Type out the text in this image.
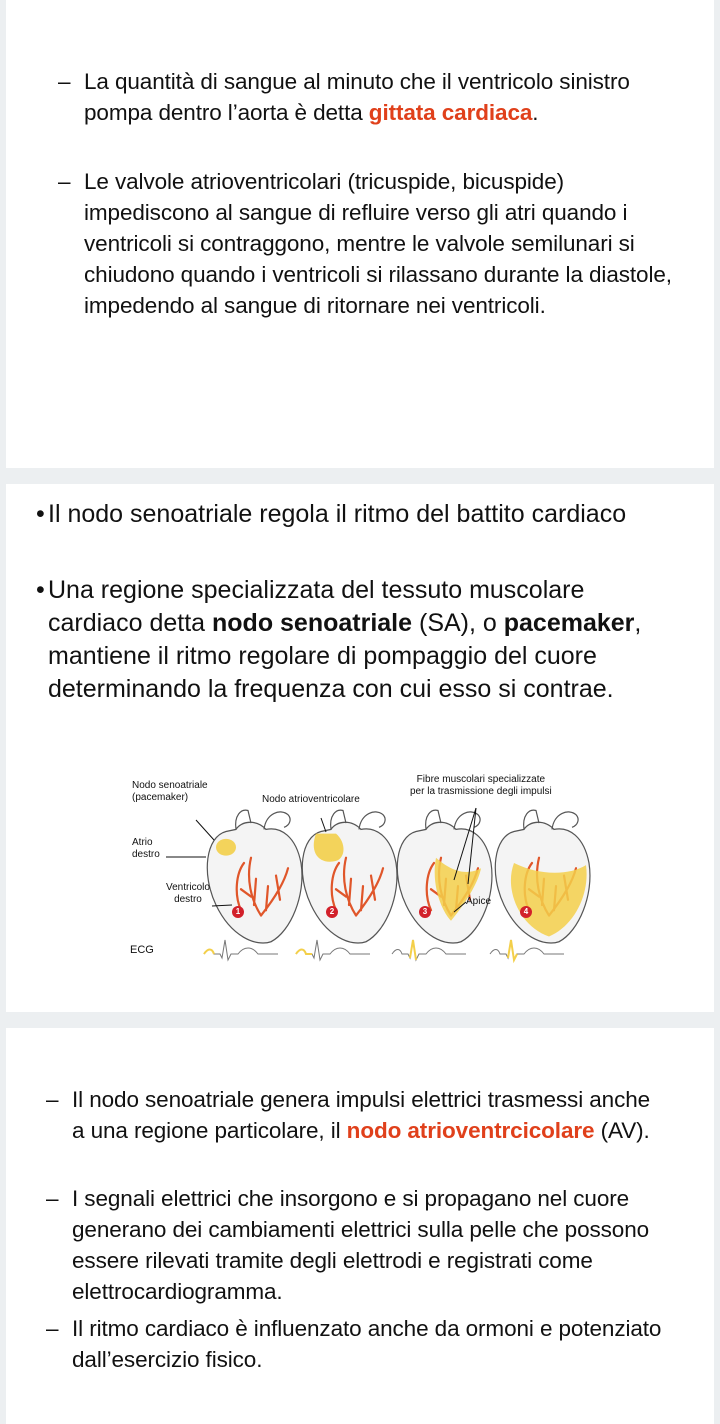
– La quantità di sangue al minuto che il ventricolo sinistro pompa dentro l’aorta è detta gittata cardiaca.
– Le valvole atrioventricolari (tricuspide, bicuspide) impediscono al sangue di refluire verso gli atri quando i ventricoli si contraggono, mentre le valvole semilunari si chiudono quando i ventricoli si rilassano durante la diastole, impedendo al sangue di ritornare nei ventricoli.
• Il nodo senoatriale regola il ritmo del battito cardiaco
• Una regione specializzata del tessuto muscolare cardiaco detta nodo senoatriale (SA), o pacemaker, mantiene il ritmo regolare di pompaggio del cuore determinando la frequenza con cui esso si contrae.
Nodo senoatriale
(pacemaker)	Nodo atrioventricolare
Fibre muscolari specializzate
per la trasmissione degli impulsi
Atrio
destro
Ventricolo
destro	Apice
ECG
1	2	3	4
– Il nodo senoatriale genera impulsi elettrici trasmessi anche a una regione particolare, il nodo atrioventrcicolare (AV).
– I segnali elettrici che insorgono e si propagano nel cuore generano dei cambiamenti elettrici sulla pelle che possono essere rilevati tramite degli elettrodi e registrati come elettrocardiogramma.
– Il ritmo cardiaco è influenzato anche da ormoni e potenziato dall’esercizio fisico.
